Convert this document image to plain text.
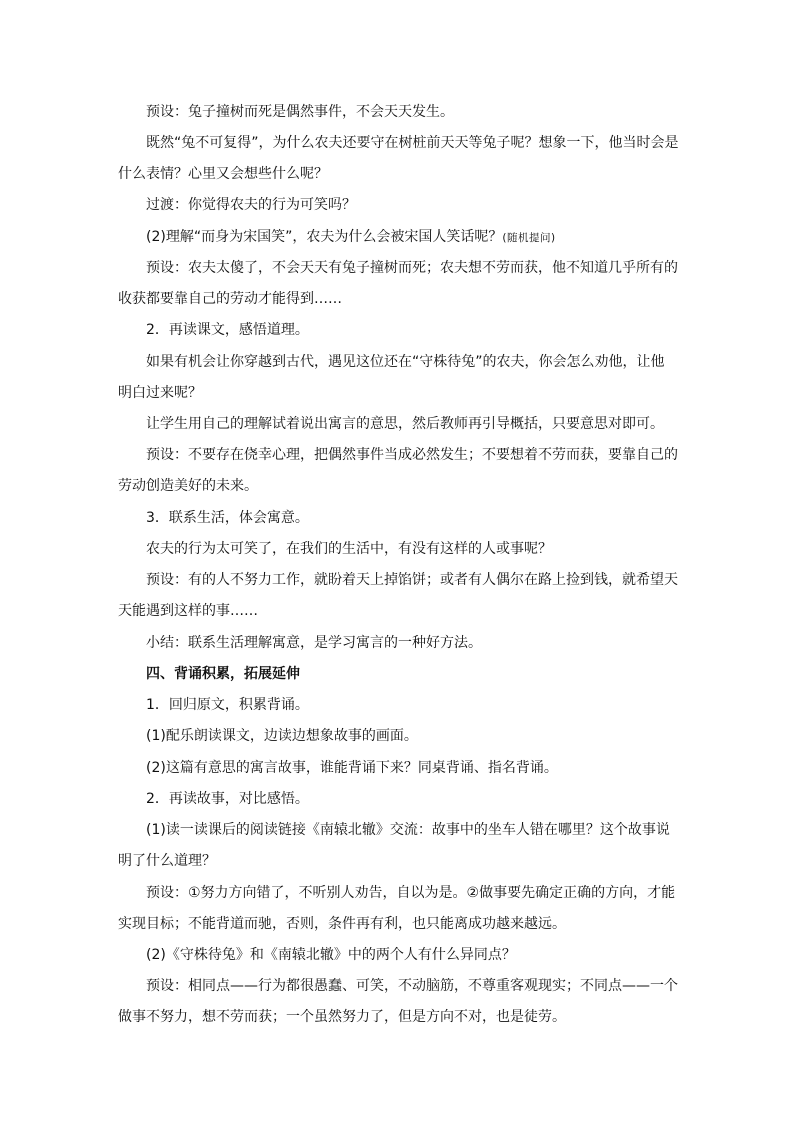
预设：兔子撞树而死是偶然事件，不会天天发生。
既然“兔不可复得”，为什么农夫还要守在树桩前天天等兔子呢？想象一下，他当时会是
什么表情？心里又会想些什么呢？
过渡：你觉得农夫的行为可笑吗？
(2)理解“而身为宋国笑”，农夫为什么会被宋国人笑话呢？(随机提问)
预设：农夫太傻了，不会天天有兔子撞树而死；农夫想不劳而获，他不知道几乎所有的
收获都要靠自己的劳动才能得到……
2．再读课文，感悟道理。
如果有机会让你穿越到古代，遇见这位还在“守株待兔”的农夫，你会怎么劝他，让他
明白过来呢？
让学生用自己的理解试着说出寓言的意思，然后教师再引导概括，只要意思对即可。
预设：不要存在侥幸心理，把偶然事件当成必然发生；不要想着不劳而获，要靠自己的
劳动创造美好的未来。
3．联系生活，体会寓意。
农夫的行为太可笑了，在我们的生活中，有没有这样的人或事呢？
预设：有的人不努力工作，就盼着天上掉馅饼；或者有人偶尔在路上捡到钱，就希望天
天能遇到这样的事……
小结：联系生活理解寓意，是学习寓言的一种好方法。
四、背诵积累，拓展延伸
1．回归原文，积累背诵。
(1)配乐朗读课文，边读边想象故事的画面。
(2)这篇有意思的寓言故事，谁能背诵下来？同桌背诵、指名背诵。
2．再读故事，对比感悟。
(1)读一读课后的阅读链接《南辕北辙》交流：故事中的坐车人错在哪里？这个故事说
明了什么道理？
预设：①努力方向错了，不听别人劝告，自以为是。②做事要先确定正确的方向，才能
实现目标；不能背道而驰，否则，条件再有利，也只能离成功越来越远。
(2)《守株待兔》和《南辕北辙》中的两个人有什么异同点？
预设：相同点——行为都很愚蠢、可笑，不动脑筋，不尊重客观现实；不同点——一个
做事不努力，想不劳而获；一个虽然努力了，但是方向不对，也是徒劳。
